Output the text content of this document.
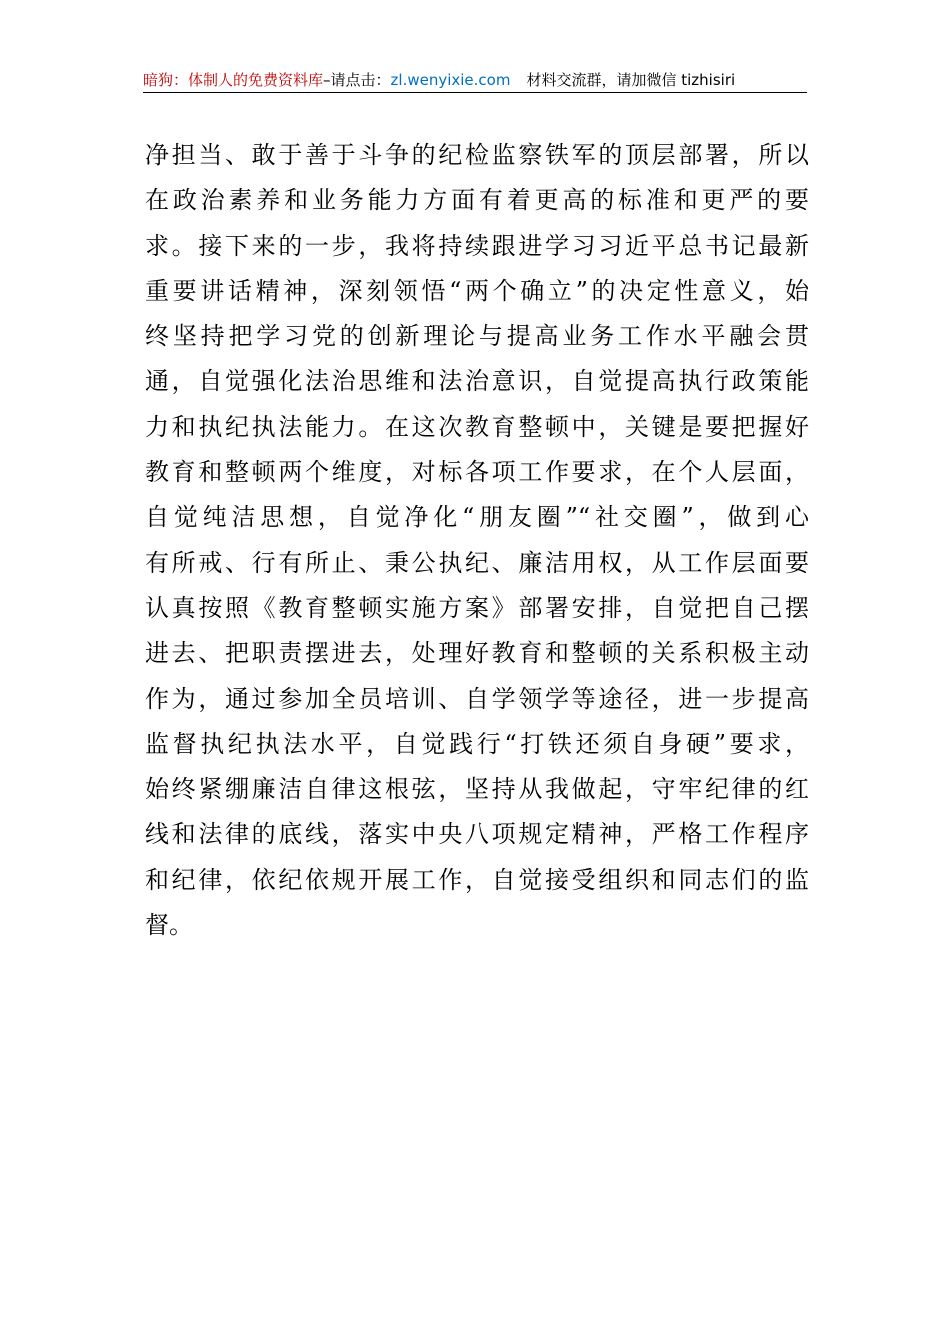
暗狗：体制人的免费资料库–请点击：zl.wenyixie.com 材料交流群，请加微信 tizhisiri
净担当、敢于善于斗争的纪检监察铁军的顶层部署，所以
在政治素养和业务能力方面有着更高的标准和更严的要
求。接下来的一步，我将持续跟进学习习近平总书记最新
重要讲话精神，深刻领悟“两个确立”的决定性意义，始
终坚持把学习党的创新理论与提高业务工作水平融会贯
通，自觉强化法治思维和法治意识，自觉提高执行政策能
力和执纪执法能力。在这次教育整顿中，关键是要把握好
教育和整顿两个维度，对标各项工作要求，在个人层面，
自觉纯洁思想，自觉净化“朋友圈”“社交圈”，做到心
有所戒、行有所止、秉公执纪、廉洁用权，从工作层面要
认真按照《教育整顿实施方案》部署安排，自觉把自己摆
进去、把职责摆进去，处理好教育和整顿的关系积极主动
作为，通过参加全员培训、自学领学等途径，进一步提高
监督执纪执法水平，自觉践行“打铁还须自身硬”要求，
始终紧绷廉洁自律这根弦，坚持从我做起，守牢纪律的红
线和法律的底线，落实中央八项规定精神，严格工作程序
和纪律，依纪依规开展工作，自觉接受组织和同志们的监
督。
